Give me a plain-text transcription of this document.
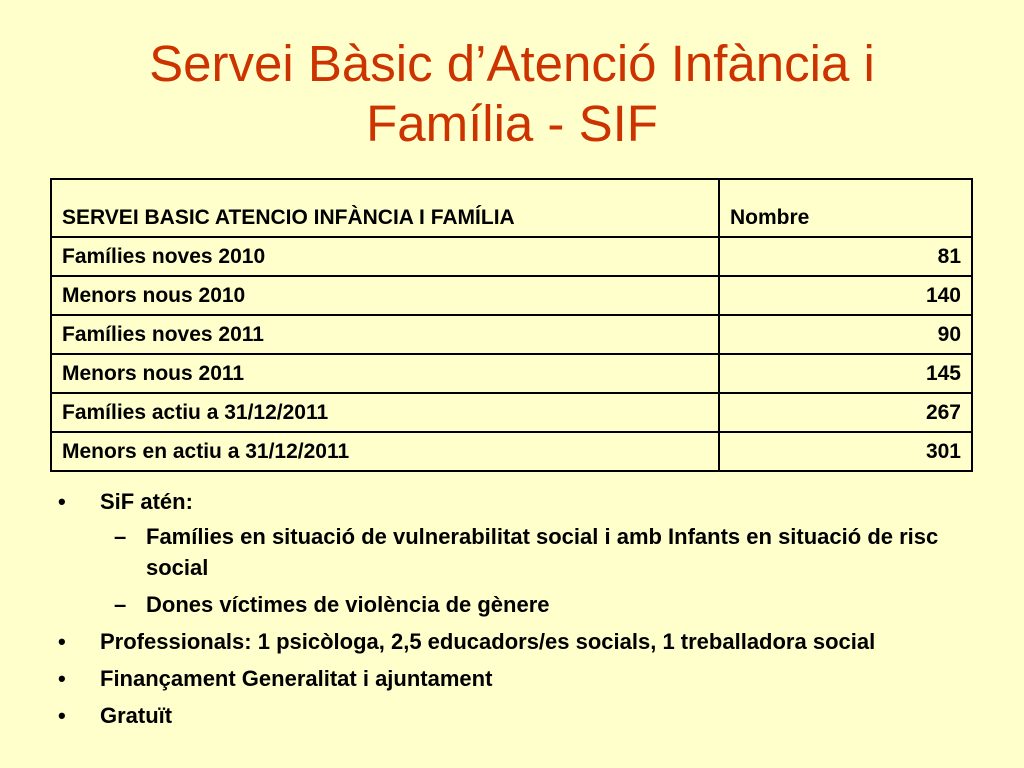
Servei Bàsic d’Atenció Infància i
Família - SIF
SERVEI BASIC ATENCIO INFÀNCIA I FAMÍLIA	Nombre
Famílies noves 2010	81
Menors nous 2010	140
Famílies noves 2011	90
Menors nous 2011	145
Famílies actiu a 31/12/2011	267
Menors en actiu a 31/12/2011	301
• SiF atén:
– Famílies en situació de vulnerabilitat social i amb Infants en situació de risc social
– Dones víctimes de violència de gènere
• Professionals: 1 psicòloga, 2,5 educadors/es socials, 1 treballadora social
• Finançament Generalitat i ajuntament
• Gratuït
